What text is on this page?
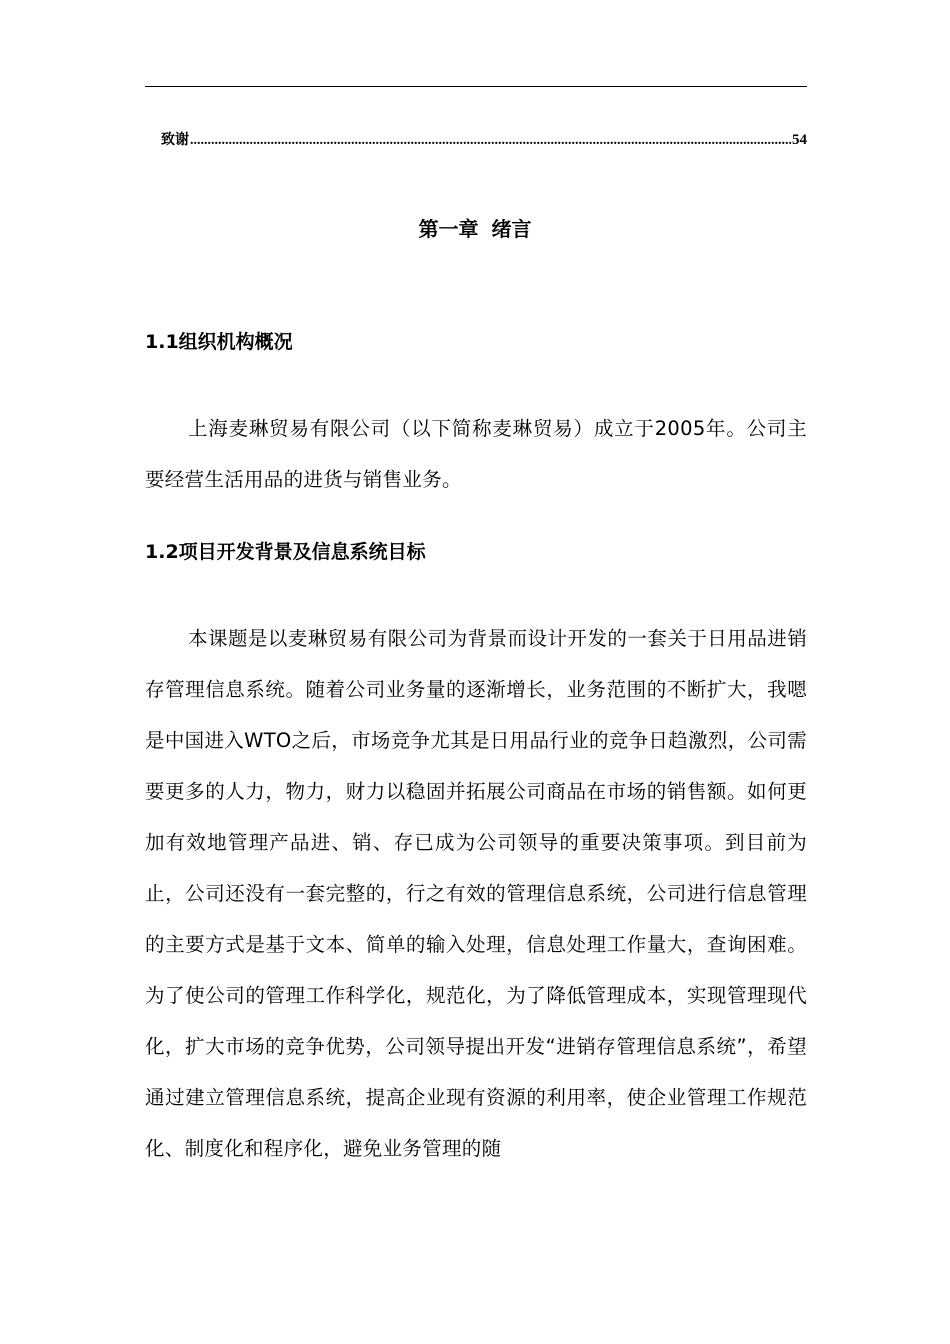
致谢
.....	54
第一章 绪言
1.1组织机构概况
上海麦琳贸易有限公司（以下简称麦琳贸易）成立于2005年。公司主要经营生活用品的进货与销售业务。
1.2项目开发背景及信息系统目标
本课题是以麦琳贸易有限公司为背景而设计开发的一套关于日用品进销存管理信息系统。随着公司业务量的逐渐增长，业务范围的不断扩大，我嗯是中国进入WTO之后，市场竞争尤其是日用品行业的竞争日趋激烈，公司需要更多的人力，物力，财力以稳固并拓展公司商品在市场的销售额。如何更加有效地管理产品进、销、存已成为公司领导的重要决策事项。到目前为止，公司还没有一套完整的，行之有效的管理信息系统，公司进行信息管理的主要方式是基于文本、简单的输入处理，信息处理工作量大，查询困难。为了使公司的管理工作科学化，规范化，为了降低管理成本，实现管理现代化，扩大市场的竞争优势，公司领导提出开发“进销存管理信息系统”，希望通过建立管理信息系统，提高企业现有资源的利用率，使企业管理工作规范化、制度化和程序化，避免业务管理的随
